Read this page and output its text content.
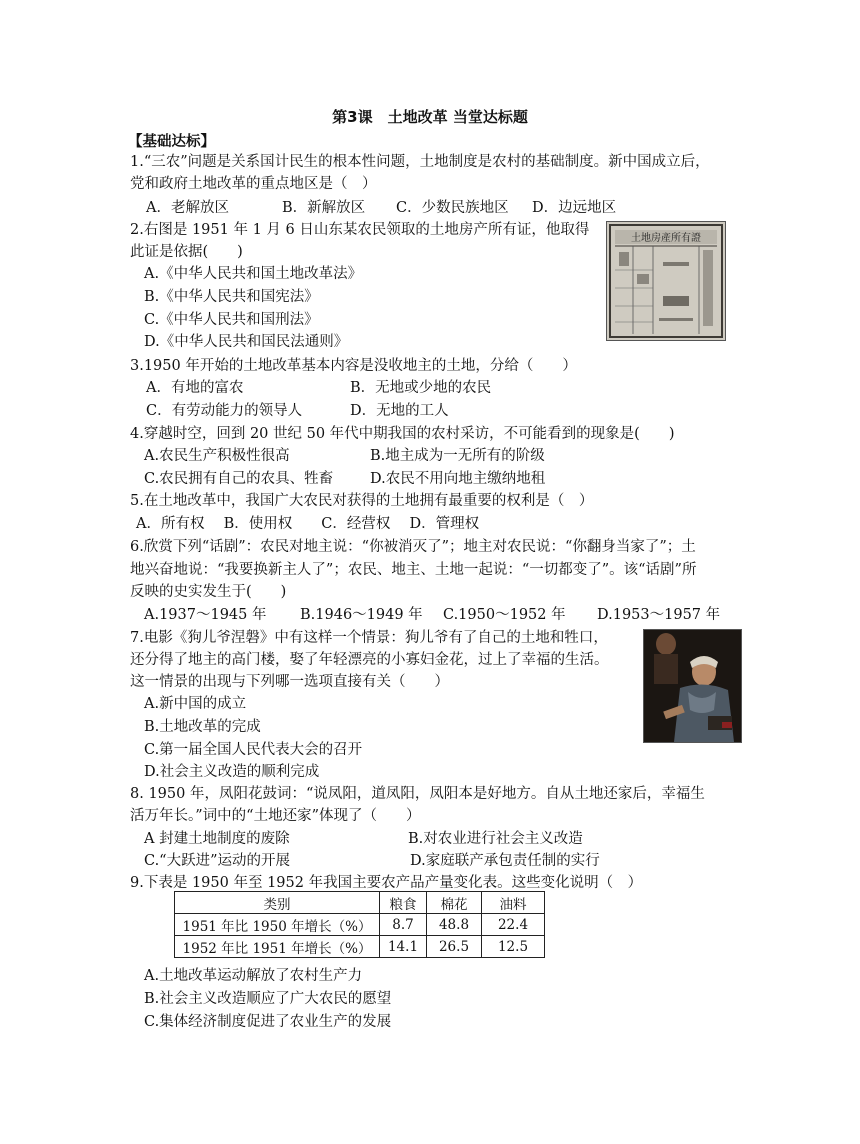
第3课　土地改革 当堂达标题
【基础达标】
1.“三农”问题是关系国计民生的根本性问题，土地制度是农村的基础制度。新中国成立后，
党和政府土地改革的重点地区是（　）
A．老解放区	B．新解放区 C．少数民族地区 D．边远地区
2.右图是 1951 年 1 月 6 日山东某农民领取的土地房产所有证，他取得
此证是依据(　　)
A.《中华人民共和国土地改革法》
B.《中华人民共和国宪法》
C.《中华人民共和国刑法》
D.《中华人民共和国民法通则》
土地房產所有證
3.1950 年开始的土地改革基本内容是没收地主的土地，分给（　　）
A．有地的富农	B．无地或少地的农民
C．有劳动能力的领导人	D．无地的工人
4.穿越时空，回到 20 世纪 50 年代中期我国的农村采访，不可能看到的现象是(　　)
A.农民生产积极性很高	B.地主成为一无所有的阶级
C.农民拥有自己的农具、牲畜	D.农民不用向地主缴纳地租
5.在土地改革中，我国广大农民对获得的土地拥有最重要的权利是（　）
A．所有权　 B．使用权　　C．经营权　 D．管理权
6.欣赏下列“话剧”：农民对地主说：“你被消灭了”；地主对农民说：“你翻身当家了”；土
地兴奋地说：“我要换新主人了”；农民、地主、土地一起说：“一切都变了”。该“话剧”所
反映的史实发生于(　　)
A.1937～1945 年 B.1946～1949 年 C.1950～1952 年 D.1953～1957 年
7.电影《狗儿爷涅磐》中有这样一个情景：狗儿爷有了自己的土地和牲口，
还分得了地主的高门楼，娶了年轻漂亮的小寡妇金花，过上了幸福的生活。
这一情景的出现与下列哪一选项直接有关（　　）
A.新中国的成立
B.土地改革的完成
C.第一届全国人民代表大会的召开
D.社会主义改造的顺利完成
8. 1950 年，凤阳花鼓词：“说凤阳，道凤阳，凤阳本是好地方。自从土地还家后，幸福生
活万年长。”词中的“土地还家”体现了（　　）
A 封建土地制度的废除	B.对农业进行社会主义改造
C.“大跃进”运动的开展	D.家庭联产承包责任制的实行
9.下表是 1950 年至 1952 年我国主要农产品产量变化表。这些变化说明（　）
类别	粮食	棉花	油料
1951 年比 1950 年增长（%）	8.7	48.8	22.4
1952 年比 1951 年增长（%）	14.1	26.5	12.5
A.土地改革运动解放了农村生产力
B.社会主义改造顺应了广大农民的愿望
C.集体经济制度促进了农业生产的发展
